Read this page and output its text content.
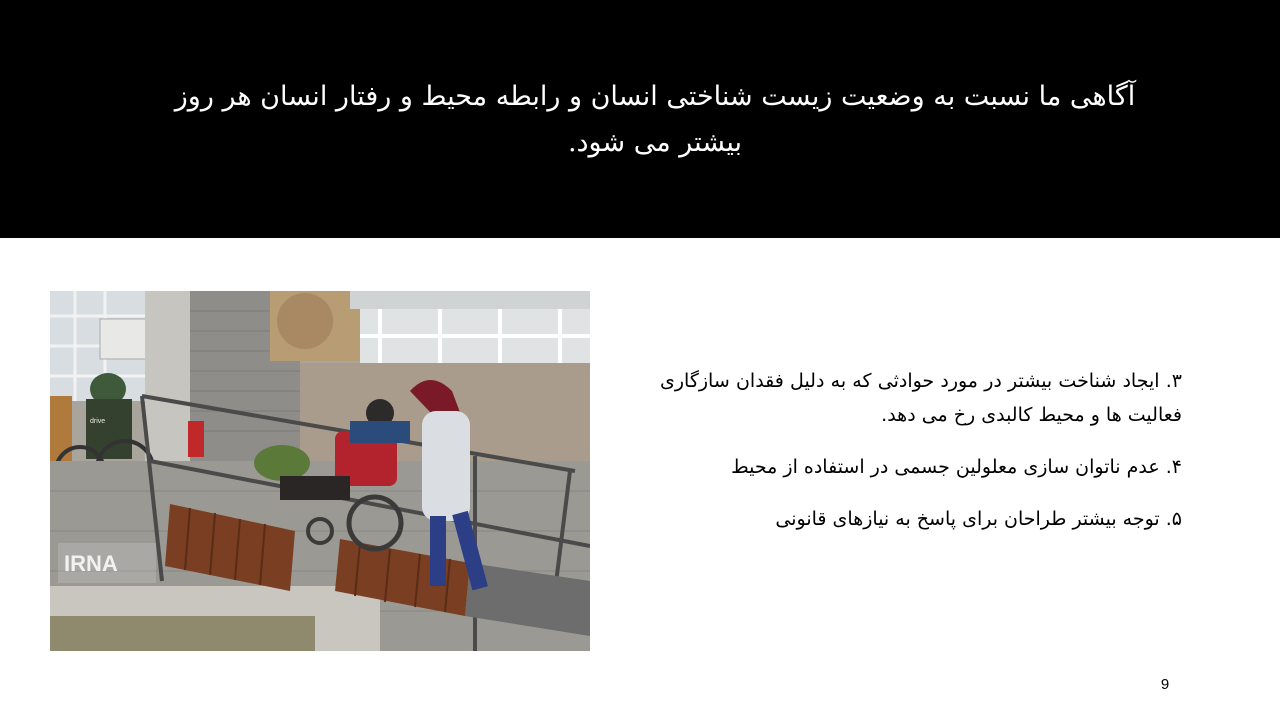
آگاهی ما نسبت به وضعیت زیست شناختی انسان و رابطه محیط و رفتار انسان هر روز بیشتر می شود.
IRNA
drive
۳. ایجاد شناخت بیشتر در مورد حوادثی که به دلیل فقدان سازگاری فعالیت ها و محیط کالبدی رخ می دهد.
۴. عدم ناتوان سازی معلولین جسمی در استفاده از محیط
۵. توجه بیشتر طراحان برای پاسخ به نیازهای قانونی
9
